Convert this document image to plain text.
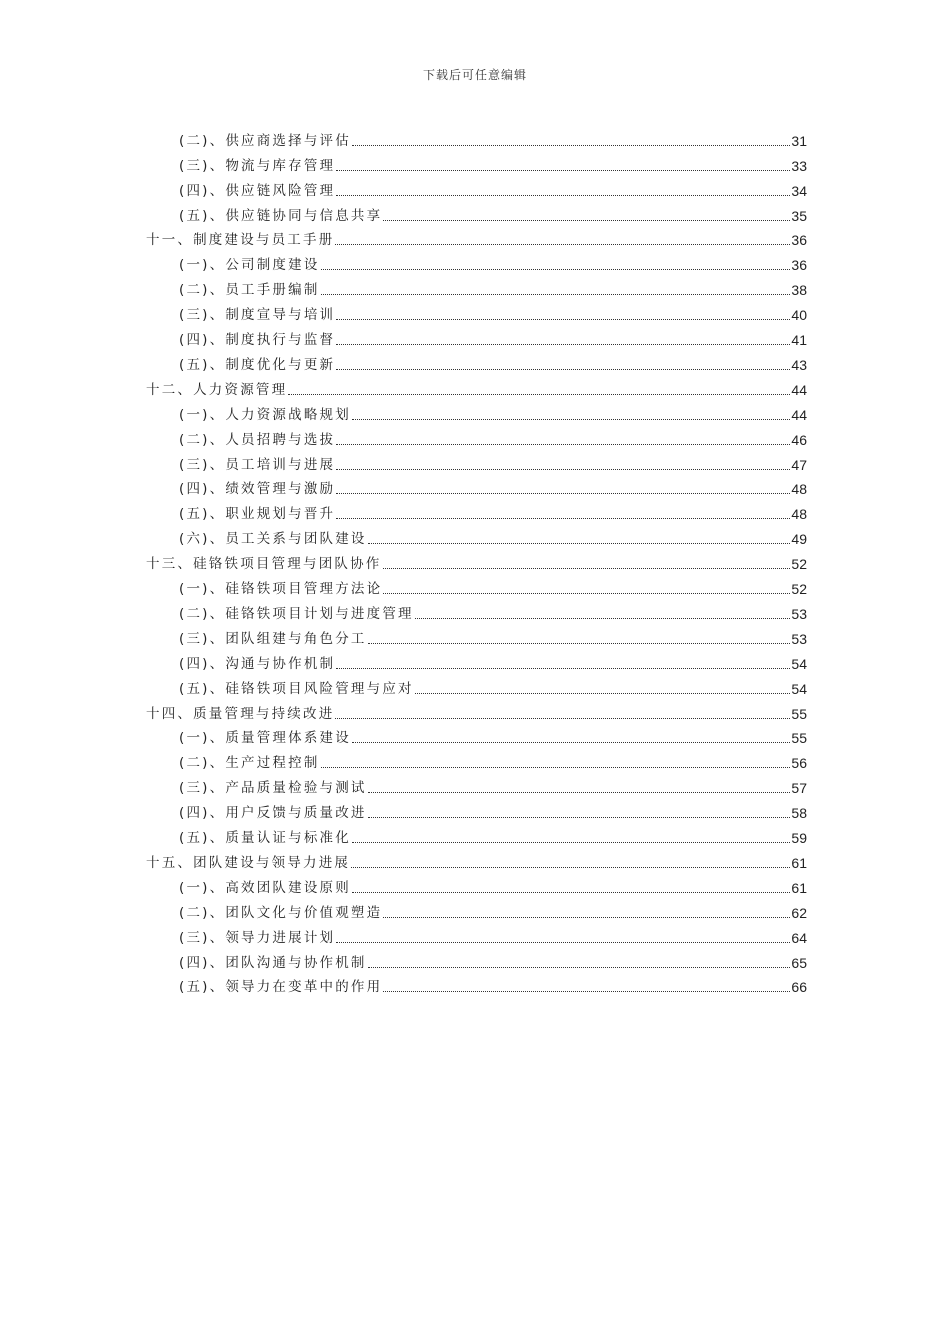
下载后可任意编辑
(二)、供应商选择与评估	31
(三)、物流与库存管理	33
(四)、供应链风险管理	34
(五)、供应链协同与信息共享	35
十一、制度建设与员工手册	36
(一)、公司制度建设	36
(二)、员工手册编制	38
(三)、制度宣导与培训	40
(四)、制度执行与监督	41
(五)、制度优化与更新	43
十二、人力资源管理	44
(一)、人力资源战略规划	44
(二)、人员招聘与选拔	46
(三)、员工培训与进展	47
(四)、绩效管理与激励	48
(五)、职业规划与晋升	48
(六)、员工关系与团队建设	49
十三、硅铬铁项目管理与团队协作	52
(一)、硅铬铁项目管理方法论	52
(二)、硅铬铁项目计划与进度管理	53
(三)、团队组建与角色分工	53
(四)、沟通与协作机制	54
(五)、硅铬铁项目风险管理与应对	54
十四、质量管理与持续改进	55
(一)、质量管理体系建设	55
(二)、生产过程控制	56
(三)、产品质量检验与测试	57
(四)、用户反馈与质量改进	58
(五)、质量认证与标准化	59
十五、团队建设与领导力进展	61
(一)、高效团队建设原则	61
(二)、团队文化与价值观塑造	62
(三)、领导力进展计划	64
(四)、团队沟通与协作机制	65
(五)、领导力在变革中的作用	66
